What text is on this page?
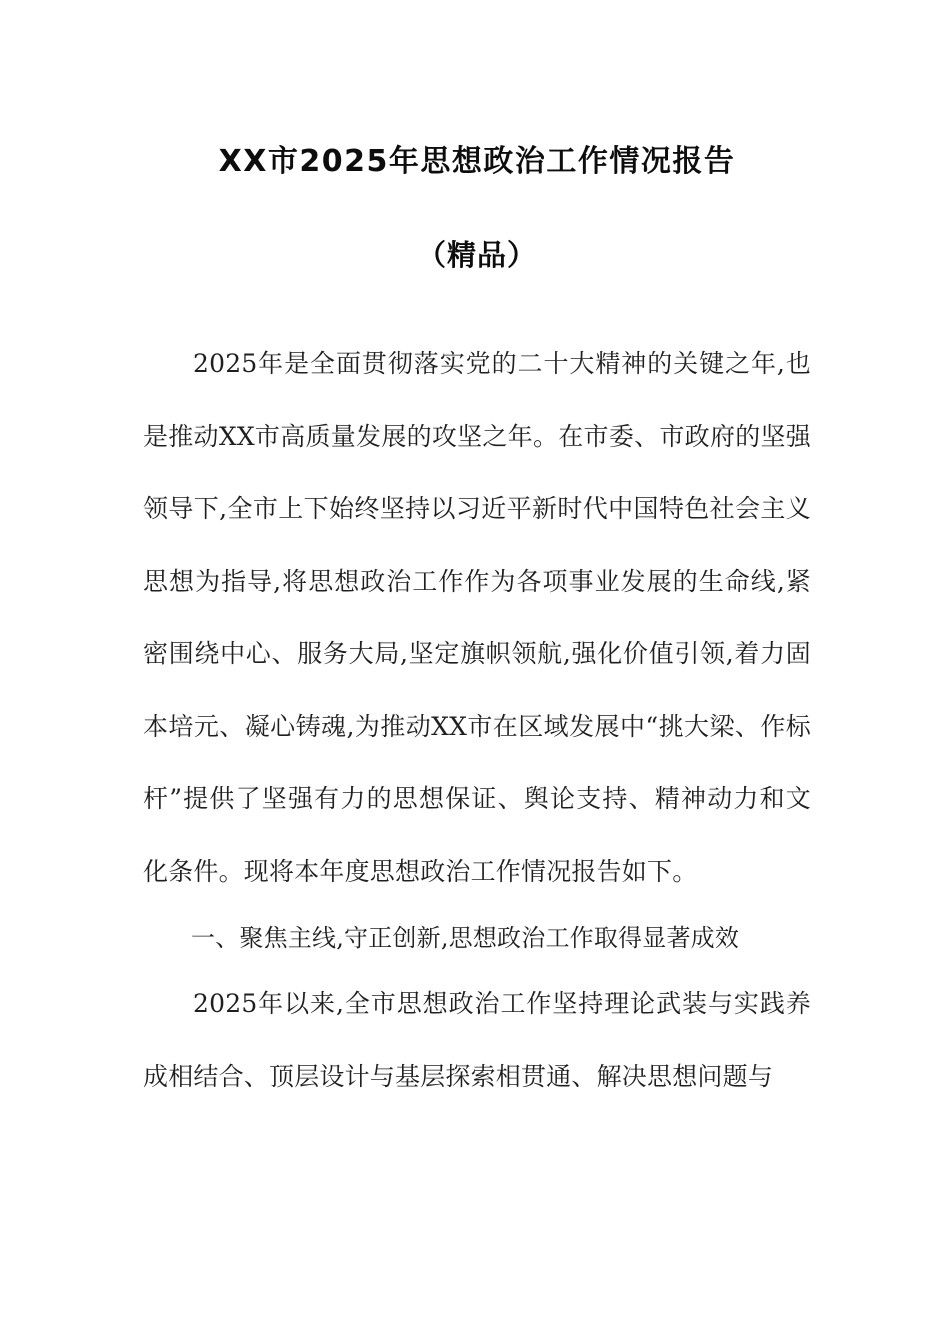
XX市2025年思想政治工作情况报告
（精品）

2025年是全面贯彻落实党的二十大精神的关键之年,也是推动XX市高质量发展的攻坚之年。在市委、市政府的坚强领导下,全市上下始终坚持以习近平新时代中国特色社会主义思想为指导,将思想政治工作作为各项事业发展的生命线,紧密围绕中心、服务大局,坚定旗帜领航,强化价值引领,着力固本培元、凝心铸魂,为推动XX市在区域发展中“挑大梁、作标杆”提供了坚强有力的思想保证、舆论支持、精神动力和文化条件。现将本年度思想政治工作情况报告如下。

一、聚焦主线,守正创新,思想政治工作取得显著成效

2025年以来,全市思想政治工作坚持理论武装与实践养成相结合、顶层设计与基层探索相贯通、解决思想问题与
